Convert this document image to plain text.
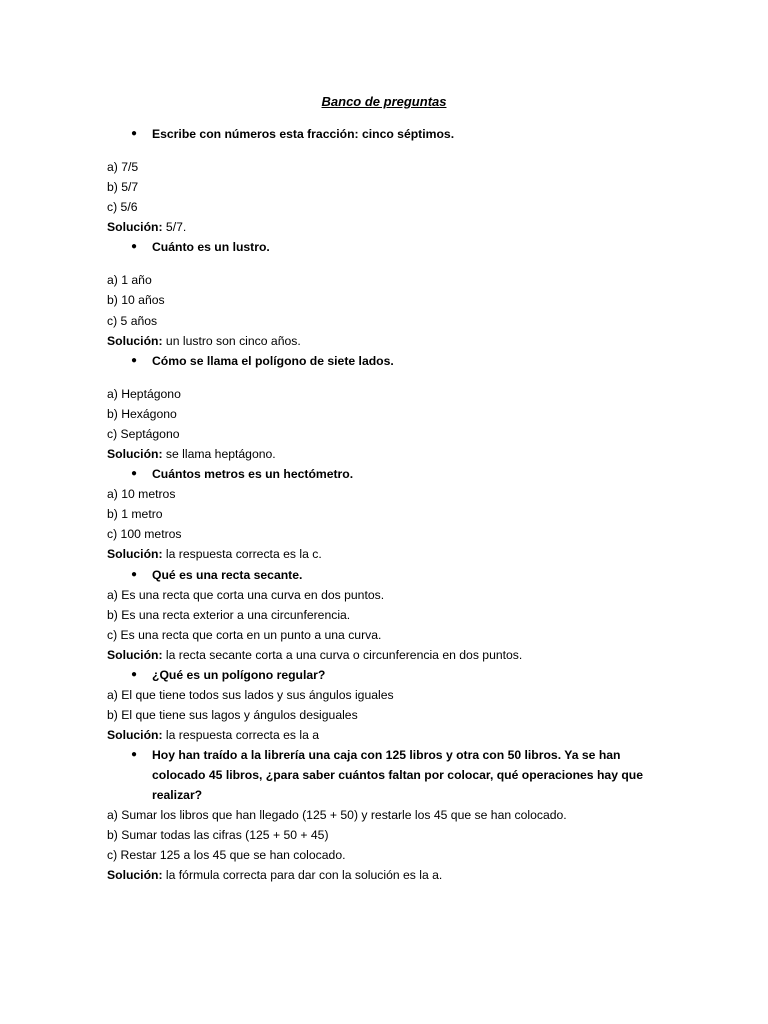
Banco de preguntas
● Escribe con números esta fracción: cinco séptimos.
a) 7/5
b) 5/7
c) 5/6
Solución: 5/7.
● Cuánto es un lustro.
a) 1 año
b) 10 años
c) 5 años
Solución: un lustro son cinco años.
● Cómo se llama el polígono de siete lados.
a) Heptágono
b) Hexágono
c) Septágono
Solución: se llama heptágono.
● Cuántos metros es un hectómetro.
a) 10 metros
b) 1 metro
c) 100 metros
Solución: la respuesta correcta es la c.
● Qué es una recta secante.
a) Es una recta que corta una curva en dos puntos.
b) Es una recta exterior a una circunferencia.
c) Es una recta que corta en un punto a una curva.
Solución: la recta secante corta a una curva o circunferencia en dos puntos.
● ¿Qué es un polígono regular?
a) El que tiene todos sus lados y sus ángulos iguales
b) El que tiene sus lagos y ángulos desiguales
Solución: la respuesta correcta es la a
● Hoy han traído a la librería una caja con 125 libros y otra con 50 libros. Ya se han colocado 45 libros, ¿para saber cuántos faltan por colocar, qué operaciones hay que realizar?
a) Sumar los libros que han llegado (125 + 50) y restarle los 45 que se han colocado.
b) Sumar todas las cifras (125 + 50 + 45)
c) Restar 125 a los 45 que se han colocado.
Solución: la fórmula correcta para dar con la solución es la a.
